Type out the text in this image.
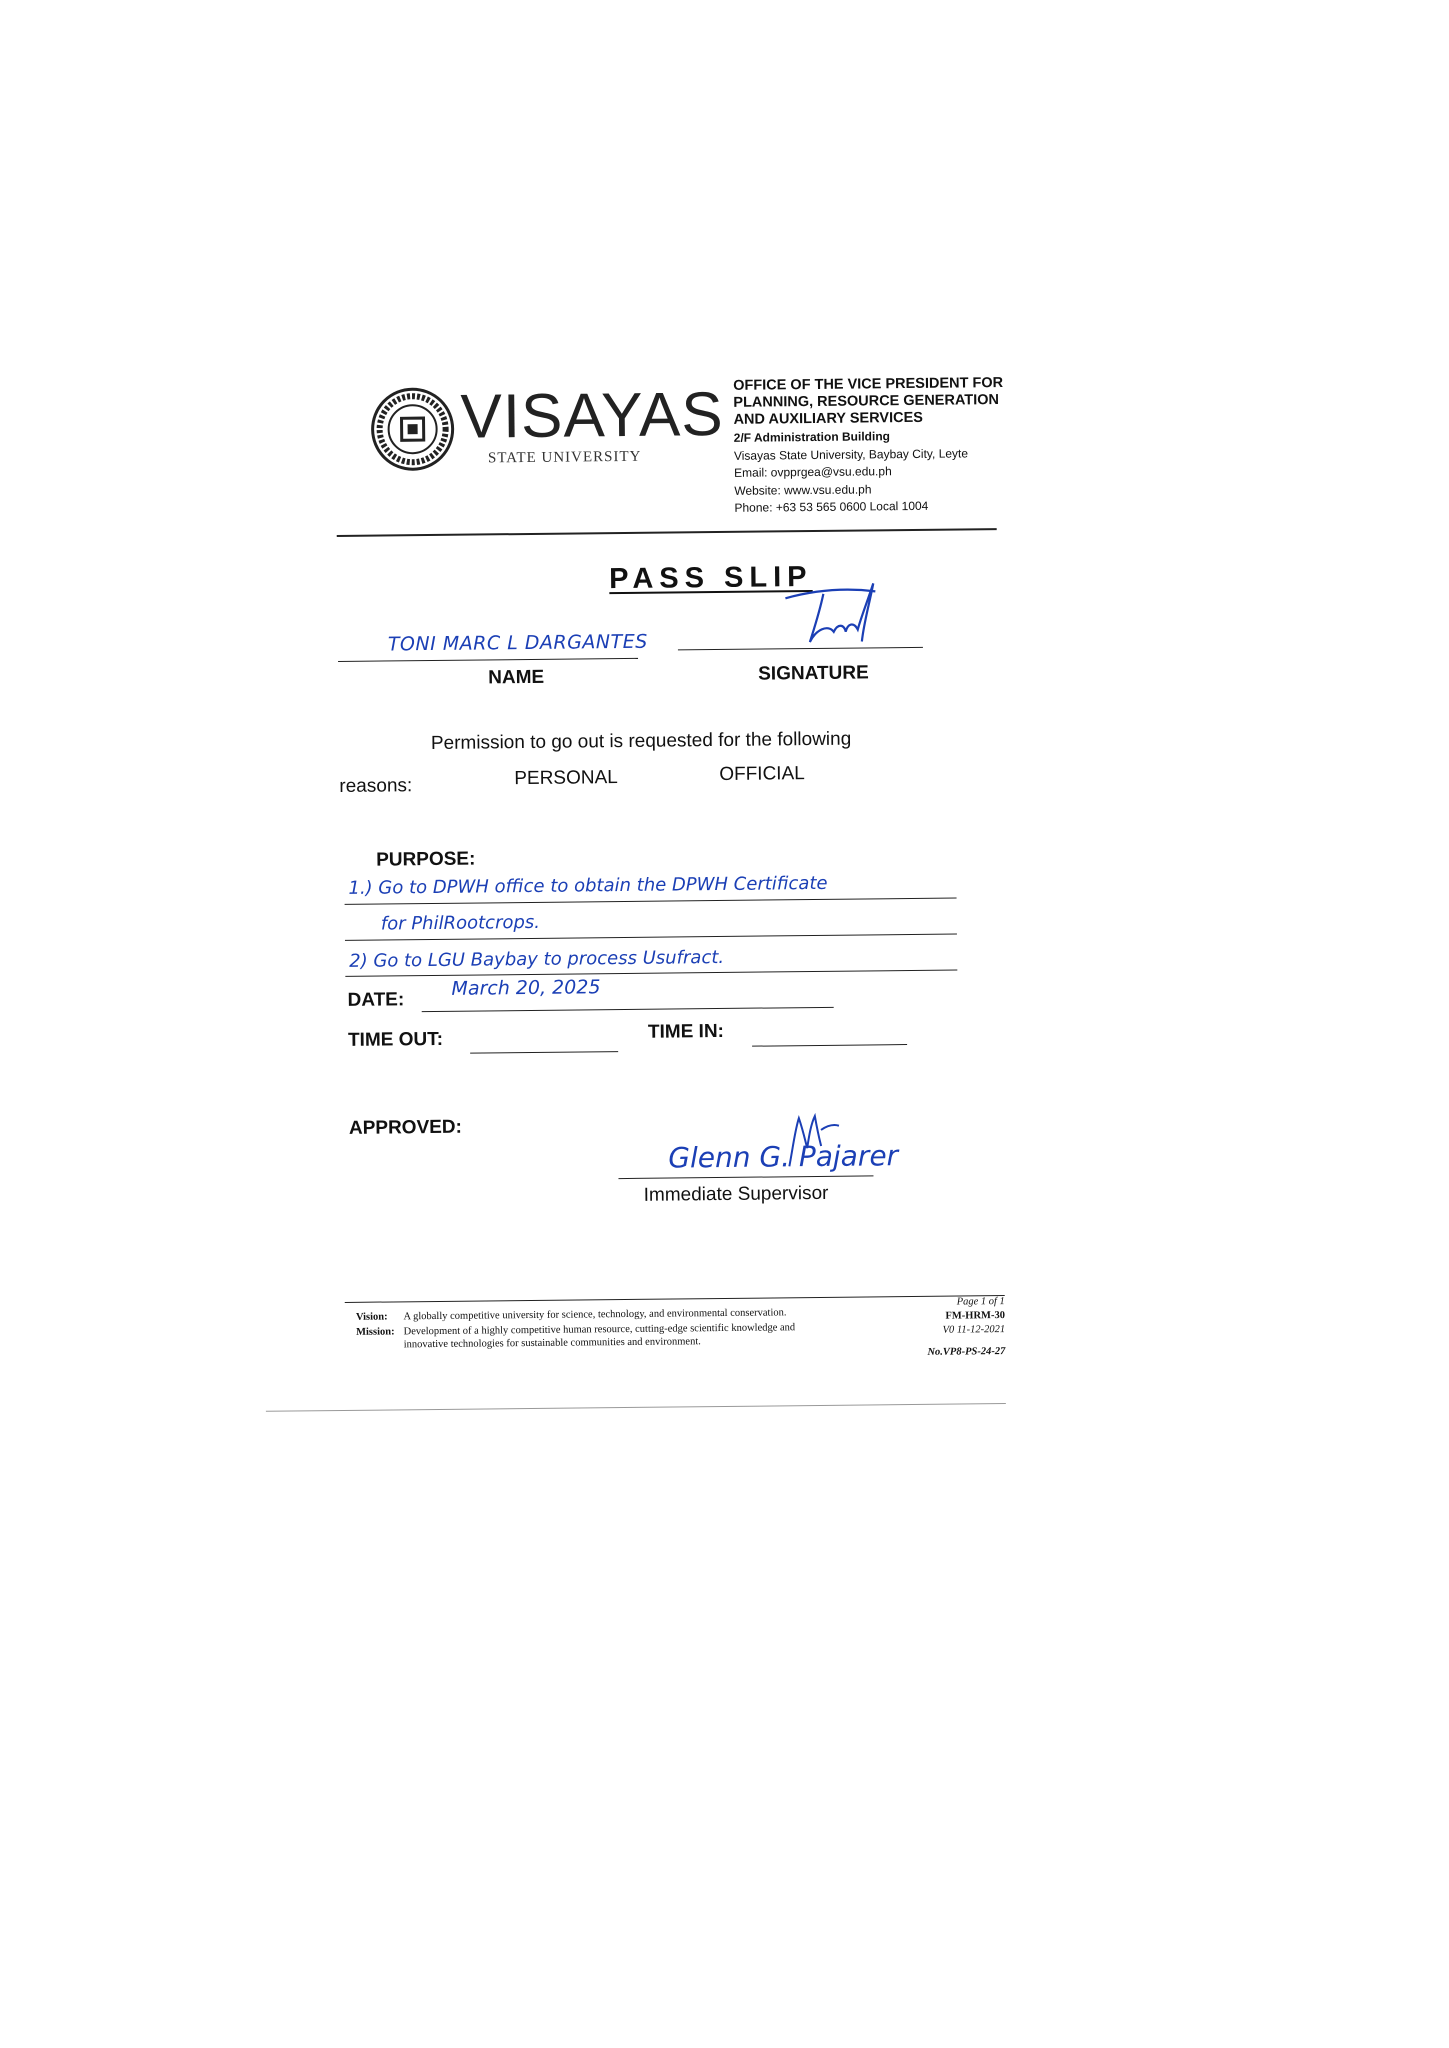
VISAYAS
STATE UNIVERSITY
OFFICE OF THE VICE PRESIDENT FOR
PLANNING, RESOURCE GENERATION
AND AUXILIARY SERVICES
2/F Administration Building
Visayas State University, Baybay City, Leyte
Email: ovpprgea@vsu.edu.ph
Website: www.vsu.edu.ph
Phone: +63 53 565 0600 Local 1004
PASS SLIP
TONI MARC L DARGANTES
NAME	SIGNATURE
Permission to go out is requested for the following
reasons:	PERSONAL	OFFICIAL
PURPOSE:
1.) Go to DPWH office to obtain the DPWH Certificate
for PhilRootcrops.
2) Go to LGU Baybay to process Usufract.
DATE:
March 20, 2025
TIME OUT:	TIME IN:
APPROVED:
Glenn G. Pajarer
Immediate Supervisor
Vision:	A globally competitive university for science, technology, and environmental conservation.
Mission:	Development of a highly competitive human resource, cutting-edge scientific knowledge and innovative technologies for sustainable communities and environment.
Page 1 of 1
FM-HRM-30
V0 11-12-2021
No.VP8-PS-24-27
